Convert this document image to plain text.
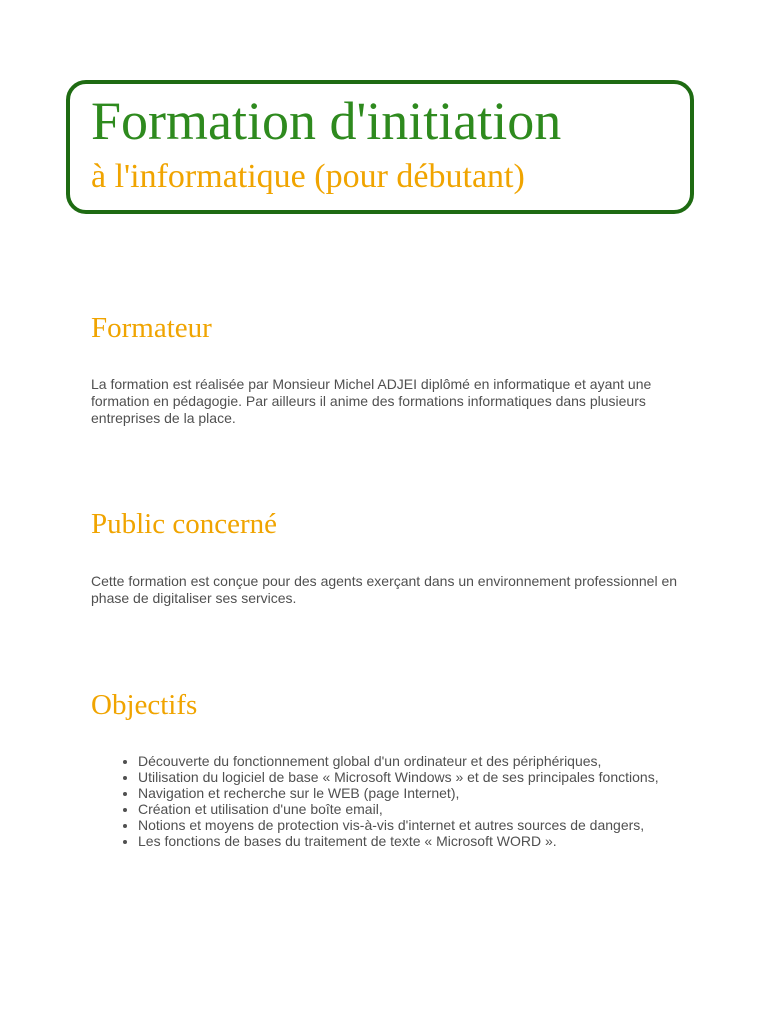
Formation d'initiation
à l'informatique (pour débutant)
Formateur

La formation est réalisée par Monsieur Michel ADJEI diplômé en informatique et ayant une formation en pédagogie. Par ailleurs il anime des formations informatiques dans plusieurs entreprises de la place.

Public concerné

Cette formation est conçue pour des agents exerçant dans un environnement professionnel en phase de digitaliser ses services.

Objectifs
• Découverte du fonctionnement global d'un ordinateur et des périphériques,
• Utilisation du logiciel de base « Microsoft Windows » et de ses principales fonctions,
• Navigation et recherche sur le WEB (page Internet),
• Création et utilisation d'une boîte email,
• Notions et moyens de protection vis-à-vis d'internet et autres sources de dangers,
• Les fonctions de bases du traitement de texte « Microsoft WORD ».
